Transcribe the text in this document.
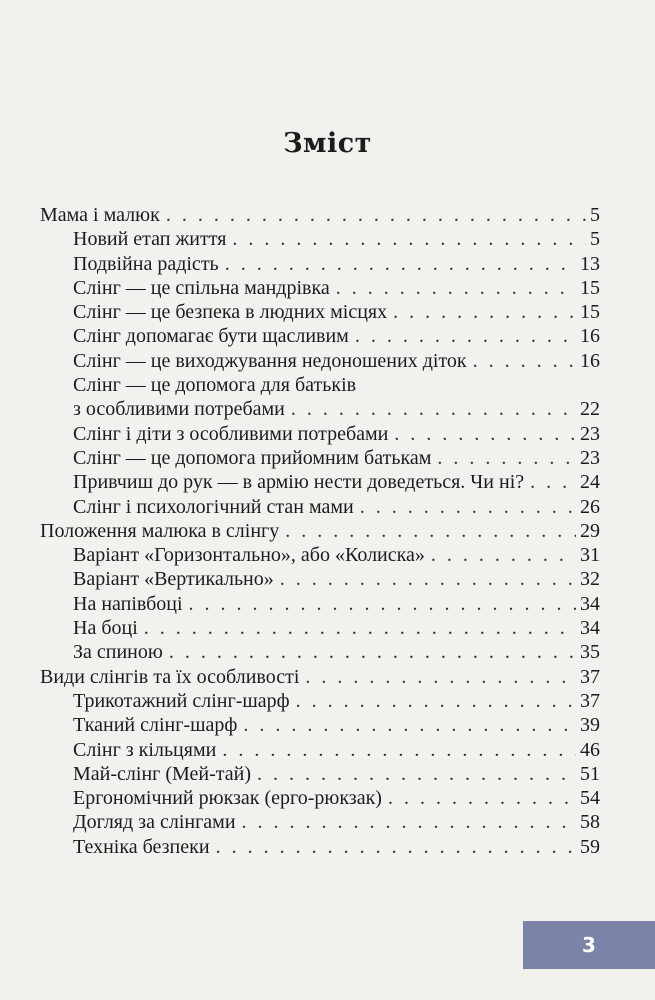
Зміст
Мама і малюк . . .	5
Новий етап життя . . .	5
Подвійна радість . . .	13
Слінг — це спільна мандрівка . . .	15
Слінг — це безпека в людних місцях . . .	15
Слінг допомагає бути щасливим . . .	16
Слінг — це виходжування недоношених діток . . .	16
Слінг — це допомога для батьків
з особливими потребами . . .	22
Слінг і діти з особливими потребами . . .	23
Слінг — це допомога прийомним батькам . . .	23
Привчиш до рук — в армію нести доведеться. Чи ні? . . .	24
Слінг і психологічний стан мами . . .	26
Положення малюка в слінгу . . .	29
Варіант «Горизонтально», або «Колиска» . . .	31
Варіант «Вертикально» . . .	32
На напівбоці . . .	34
На боці . . .	34
За спиною . . .	35
Види слінгів та їх особливості . . .	37
Трикотажний слінг-шарф . . .	37
Тканий слінг-шарф . . .	39
Слінг з кільцями . . .	46
Май-слінг (Мей-тай) . . .	51
Ергономічний рюкзак (ерго-рюкзак) . . .	54
Догляд за слінгами . . .	58
Техніка безпеки . . .	59
3
